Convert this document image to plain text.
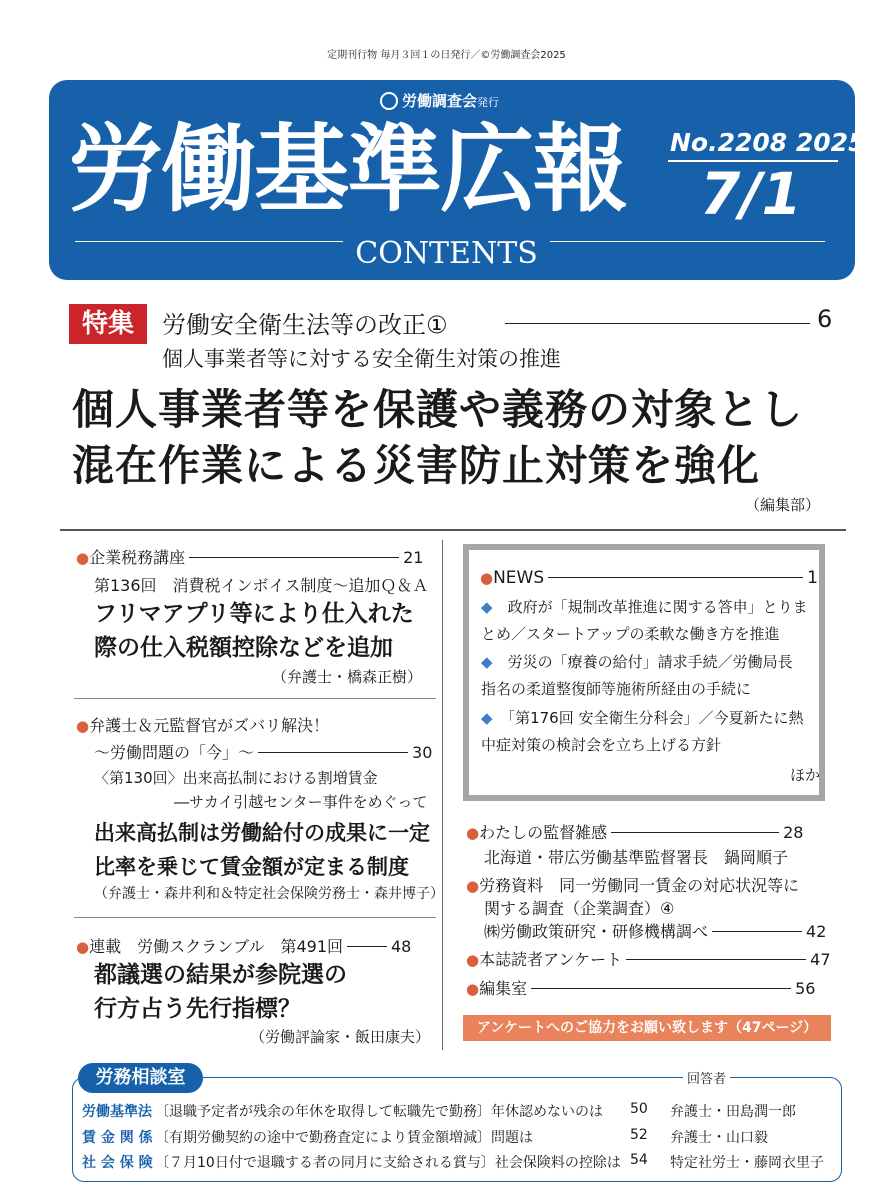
定期刊行物 毎月３回１の日発行／©労働調査会2025
労働調査会発行
労働基準広報 No.2208 2025
7/1
CONTENTS
特集	労働安全衛生法等の改正①	6
個人事業者等に対する安全衛生対策の推進
個人事業者等を保護や義務の対象とし
混在作業による災害防止対策を強化
（編集部）
●企業税務講座	21
第136回　消費税インボイス制度～追加Ｑ＆Ａ
フリマアプリ等により仕入れた
際の仕入税額控除などを追加
（弁護士・橋森正樹）
●弁護士＆元監督官がズバリ解決！
～労働問題の「今」～	30
〈第130回〉出来高払制における割増賃金
―サカイ引越センター事件をめぐって
出来高払制は労働給付の成果に一定
比率を乗じて賃金額が定まる制度
（弁護士・森井利和＆特定社会保険労務士・森井博子）
●連載　労働スクランブル　第491回	48
都議選の結果が参院選の
行方占う先行指標？
（労働評論家・飯田康夫）
●NEWS	1
◆　 政府が「規制改革推進に関する答申」とりま
とめ／スタートアップの柔軟な働き方を推進
◆　 労災の「療養の給付」請求手続／労働局長
指名の柔道整復師等施術所経由の手続に
◆　 「第176回 安全衛生分科会」／今夏新たに熱
中症対策の検討会を立ち上げる方針
ほか
●わたしの監督雑感	28
北海道・帯広労働基準監督署長　鍋岡順子
●労務資料　同一労働同一賃金の対応状況等に
関する調査（企業調査）④
㈱労働政策研究・研修機構調べ	42
●本誌読者アンケート	47
●編集室	56
アンケートへのご協力をお願い致します（47ページ）
労務相談室	回答者
労働基準法 〔退職予定者が残余の年休を取得して転職先で勤務〕年休認めないのは 50 弁護士・田島潤一郎
賃 金 関 係 〔有期労働契約の途中で勤務査定により賃金額増減〕問題は	52 弁護士・山口毅
社 会 保 険 〔７月10日付で退職する者の同月に支給される賞与〕社会保険料の控除は 54 特定社労士・藤岡衣里子
